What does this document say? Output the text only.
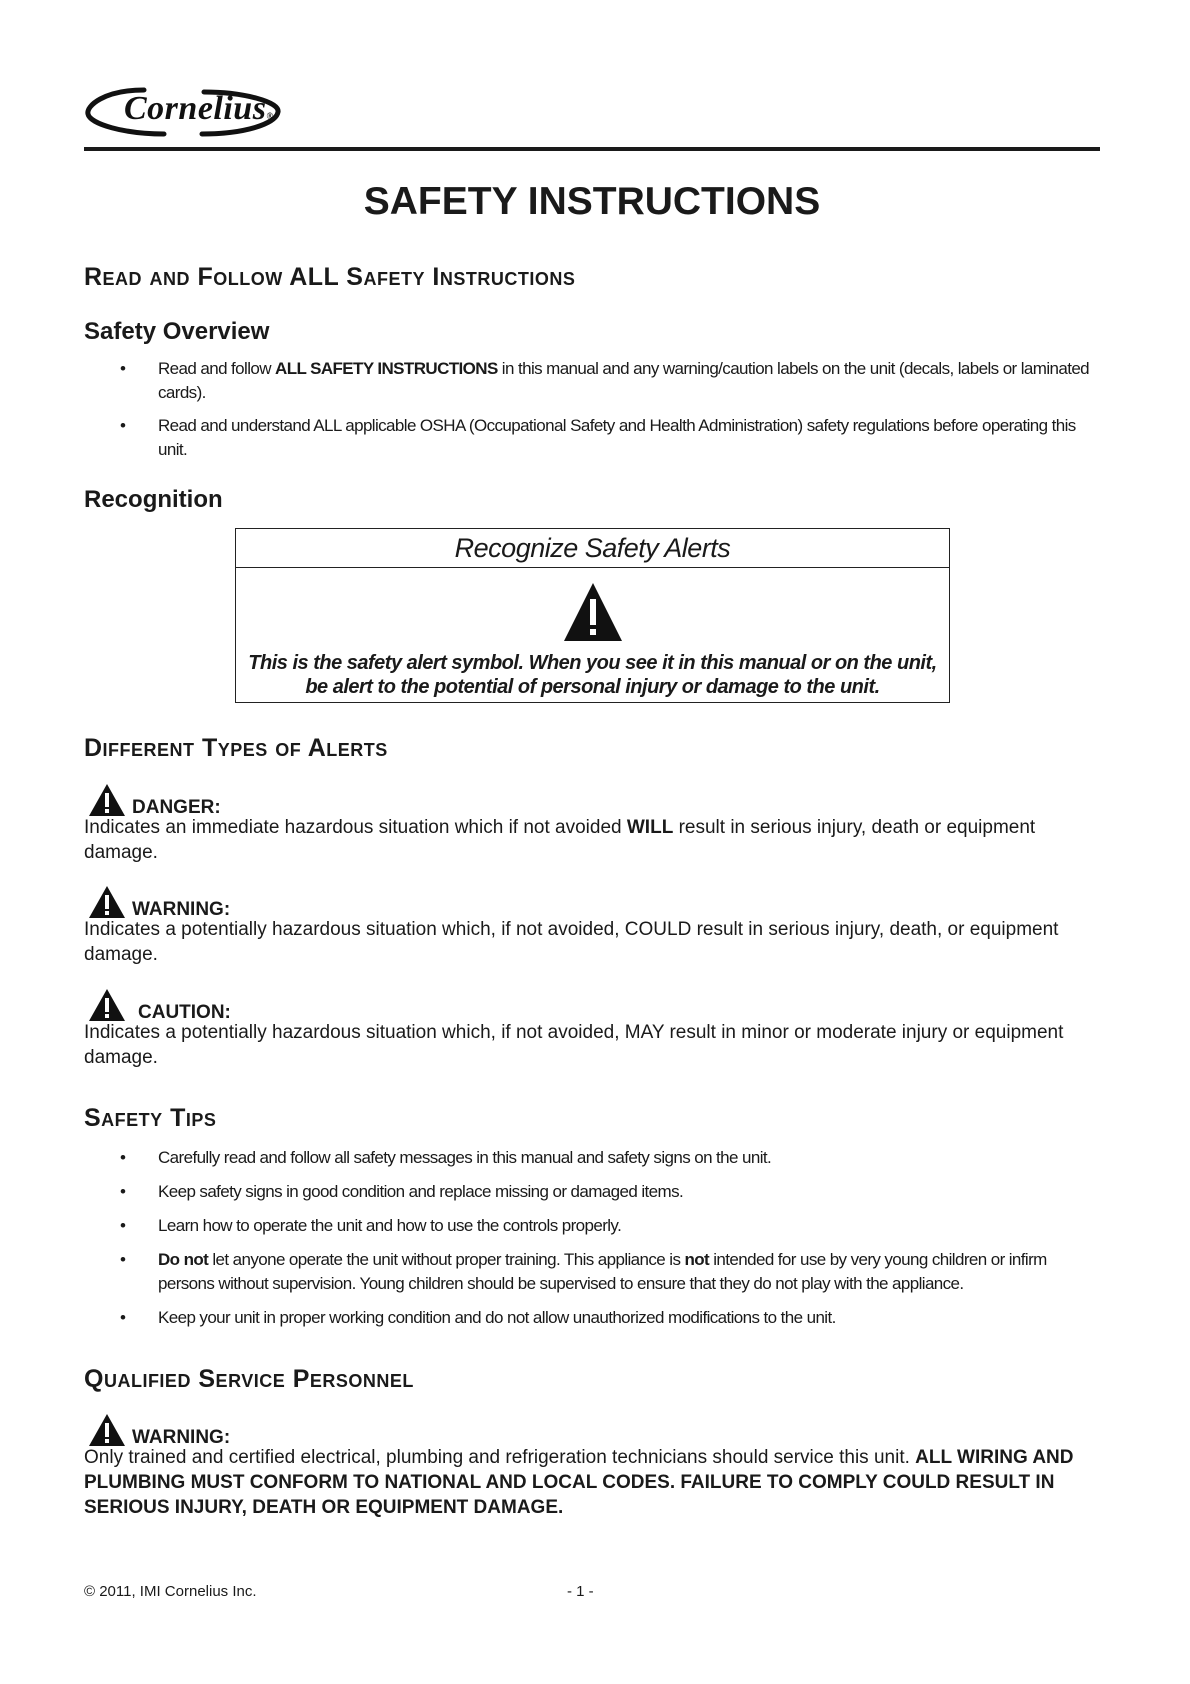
Cornelius®
SAFETY INSTRUCTIONS
Read and Follow ALL Safety Instructions
Safety Overview
• Read and follow ALL SAFETY INSTRUCTIONS in this manual and any warning/caution labels on the unit (decals, labels or laminated cards).
• Read and understand ALL applicable OSHA (Occupational Safety and Health Administration) safety regulations before operating this unit.
Recognition
Recognize Safety Alerts
This is the safety alert symbol. When you see it in this manual or on the unit,
be alert to the potential of personal injury or damage to the unit.
Different Types of Alerts
DANGER:

Indicates an immediate hazardous situation which if not avoided WILL result in serious injury, death or equipment damage.

WARNING:

Indicates a potentially hazardous situation which, if not avoided, COULD result in serious injury, death, or equipment damage.

CAUTION:

Indicates a potentially hazardous situation which, if not avoided, MAY result in minor or moderate injury or equipment damage.

Safety Tips
• Carefully read and follow all safety messages in this manual and safety signs on the unit.
• Keep safety signs in good condition and replace missing or damaged items.
• Learn how to operate the unit and how to use the controls properly.
• Do not let anyone operate the unit without proper training. This appliance is not intended for use by very young children or infirm persons without supervision. Young children should be supervised to ensure that they do not play with the appliance.
• Keep your unit in proper working condition and do not allow unauthorized modifications to the unit.
Qualified Service Personnel
WARNING:

Only trained and certified electrical, plumbing and refrigeration technicians should service this unit. ALL WIRING AND PLUMBING MUST CONFORM TO NATIONAL AND LOCAL CODES. FAILURE TO COMPLY COULD RESULT IN SERIOUS INJURY, DEATH OR EQUIPMENT DAMAGE.

© 2011, IMI Cornelius Inc.	- 1 -
